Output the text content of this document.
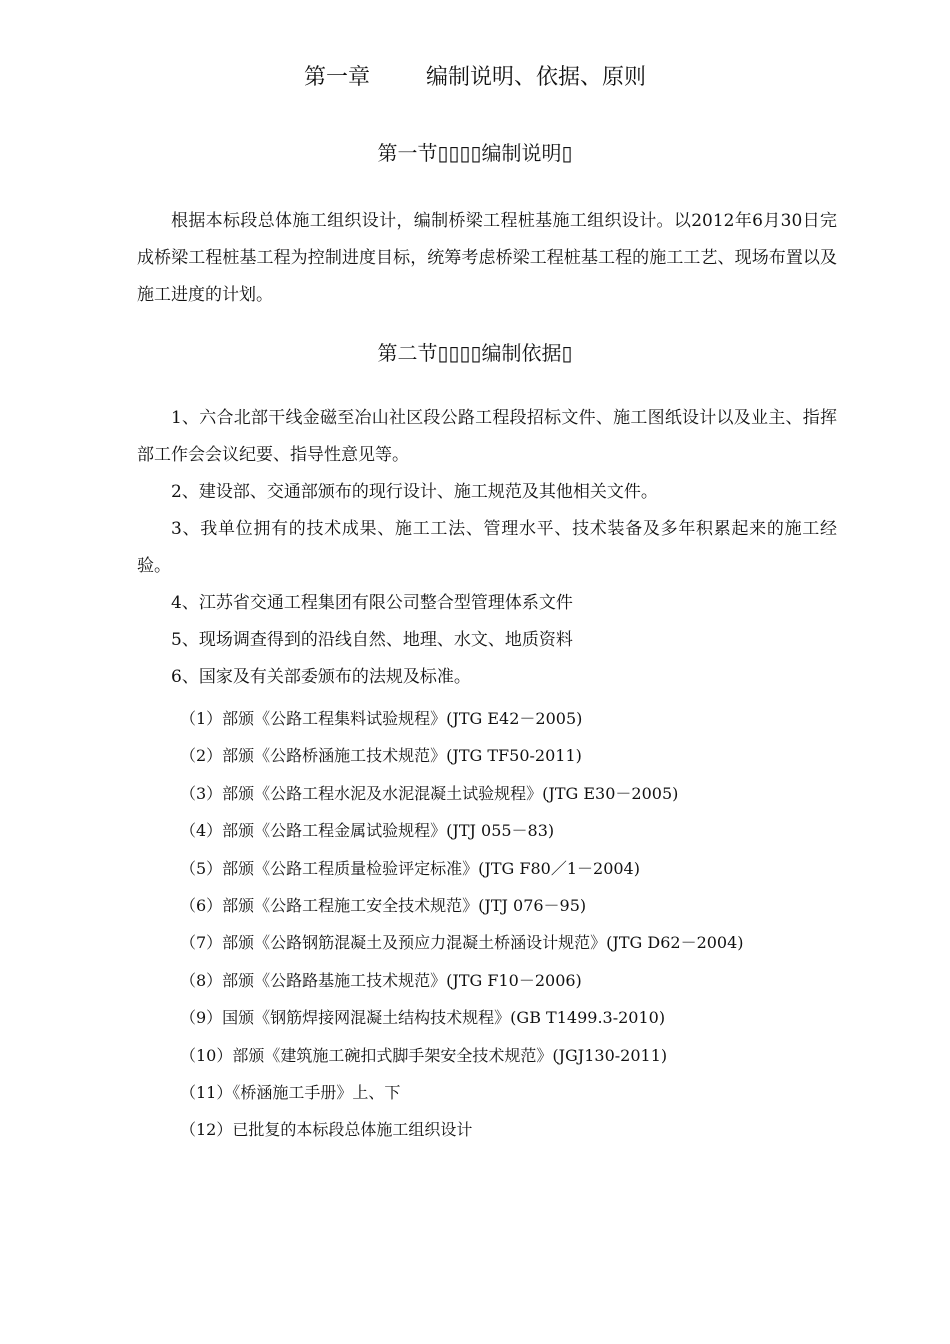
第一章        编制说明、依据、原则
第一节▯▯▯▯编制说明▯

根据本标段总体施工组织设计，编制桥梁工程桩基施工组织设计。以2012年6月30日完成桥梁工程桩基工程为控制进度目标，统筹考虑桥梁工程桩基工程的施工工艺、现场布置以及施工进度的计划。

第二节▯▯▯▯编制依据▯
1、六合北部干线金磁至冶山社区段公路工程段招标文件、施工图纸设计以及业主、指挥部工作会会议纪要、指导性意见等。
2、建设部、交通部颁布的现行设计、施工规范及其他相关文件。
3、我单位拥有的技术成果、施工工法、管理水平、技术装备及多年积累起来的施工经验。
4、江苏省交通工程集团有限公司整合型管理体系文件
5、现场调查得到的沿线自然、地理、水文、地质资料
6、国家及有关部委颁布的法规及标准。
（1）部颁《公路工程集料试验规程》(JTG E42－2005)
（2）部颁《公路桥涵施工技术规范》(JTG TF50-2011)
（3）部颁《公路工程水泥及水泥混凝土试验规程》(JTG E30－2005)
（4）部颁《公路工程金属试验规程》(JTJ 055－83)
（5）部颁《公路工程质量检验评定标准》(JTG F80／1－2004)
（6）部颁《公路工程施工安全技术规范》(JTJ 076－95)
（7）部颁《公路钢筋混凝土及预应力混凝土桥涵设计规范》(JTG D62－2004)
（8）部颁《公路路基施工技术规范》(JTG F10－2006)
（9）国颁《钢筋焊接网混凝土结构技术规程》(GB T1499.3-2010)
（10）部颁《建筑施工碗扣式脚手架安全技术规范》(JGJ130-2011)
（11）《桥涵施工手册》上、下
（12）已批复的本标段总体施工组织设计
